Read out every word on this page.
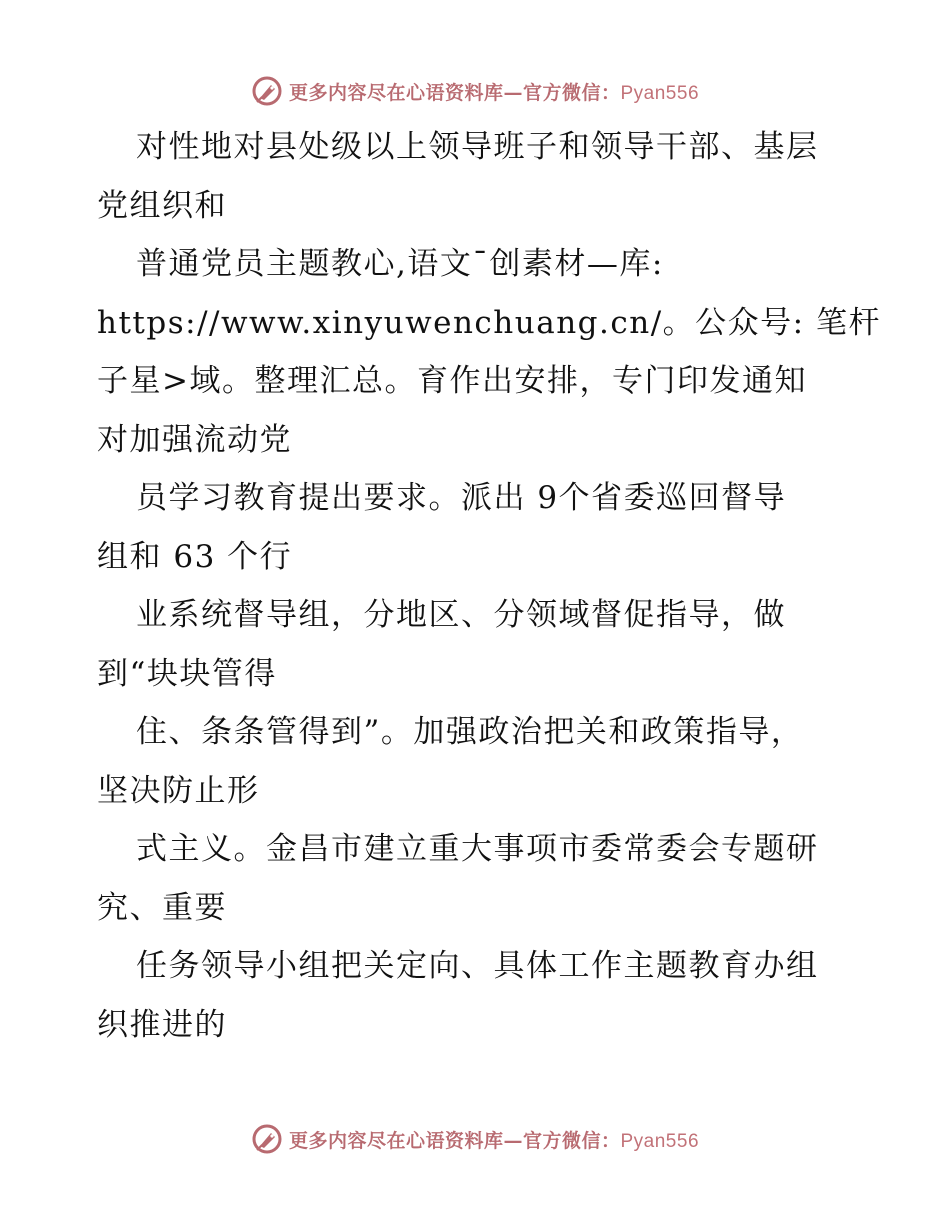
更多内容尽在心语资料库—官方微信：Pyan556
对性地对县处级以上领导班子和领导干部、基层
党组织和
普通党员主题教心,语文¯创素材—库:
https://www.xinyuwenchuang.cn/。公众号: 笔杆
子星>域。整理汇总。育作出安排，专门印发通知
对加强流动党
员学习教育提出要求。派出 9个省委巡回督导
组和 63 个行
业系统督导组，分地区、分领域督促指导，做
到“块块管得
住、条条管得到”。加强政治把关和政策指导，
坚决防止形
式主义。金昌市建立重大事项市委常委会专题研
究、重要
任务领导小组把关定向、具体工作主题教育办组
织推进的
更多内容尽在心语资料库—官方微信：Pyan556
